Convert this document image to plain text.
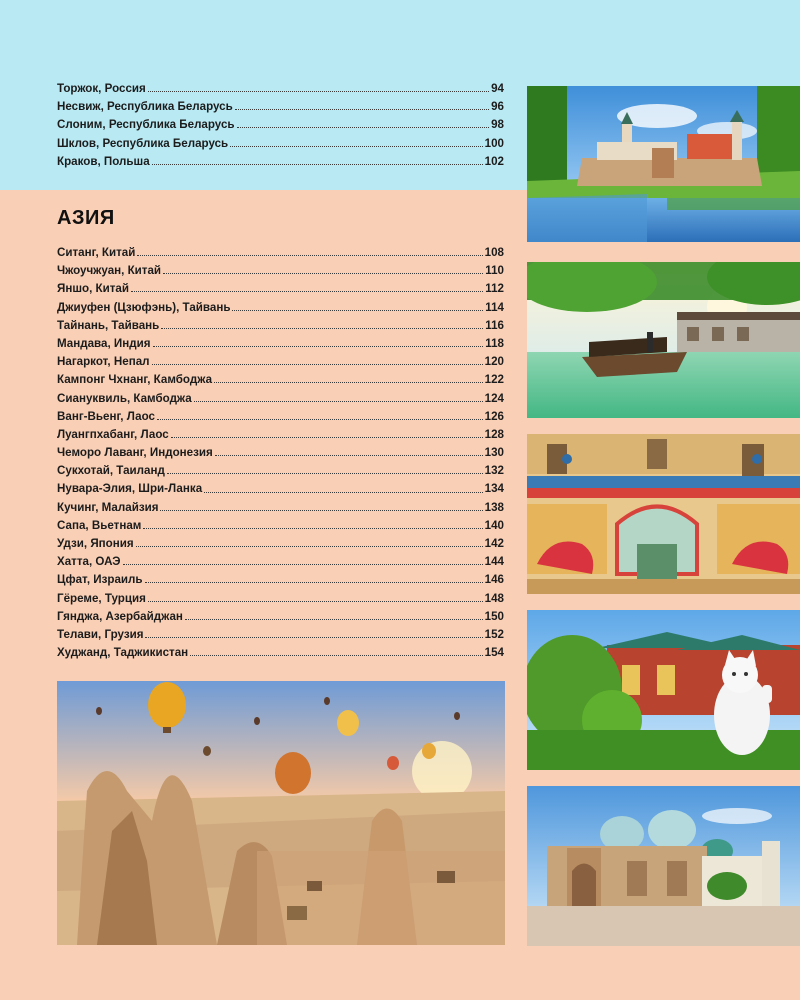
Торжок, Россия	94
Несвиж, Республика Беларусь	96
Слоним, Республика Беларусь	98
Шклов, Республика Беларусь	100
Краков, Польша	102
АЗИЯ
Ситанг, Китай	108
Чжоучжуан, Китай	110
Яншо, Китай	112
Джиуфен (Цзюфэнь), Тайвань	114
Тайнань, Тайвань	116
Мандава, Индия	118
Нагаркот, Непал	120
Кампонг Чхнанг, Камбоджа	122
Сиануквиль, Камбоджа	124
Ванг-Вьенг, Лаос	126
Луангпхабанг, Лаос	128
Чеморо Лаванг, Индонезия	130
Сукхотай, Таиланд	132
Нувара-Элия, Шри-Ланка	134
Кучинг, Малайзия	138
Сапа, Вьетнам	140
Удзи, Япония	142
Хатта, ОАЭ	144
Цфат, Израиль	146
Гёреме, Турция	148
Гянджа, Азербайджан	150
Телави, Грузия	152
Худжанд, Таджикистан	154
